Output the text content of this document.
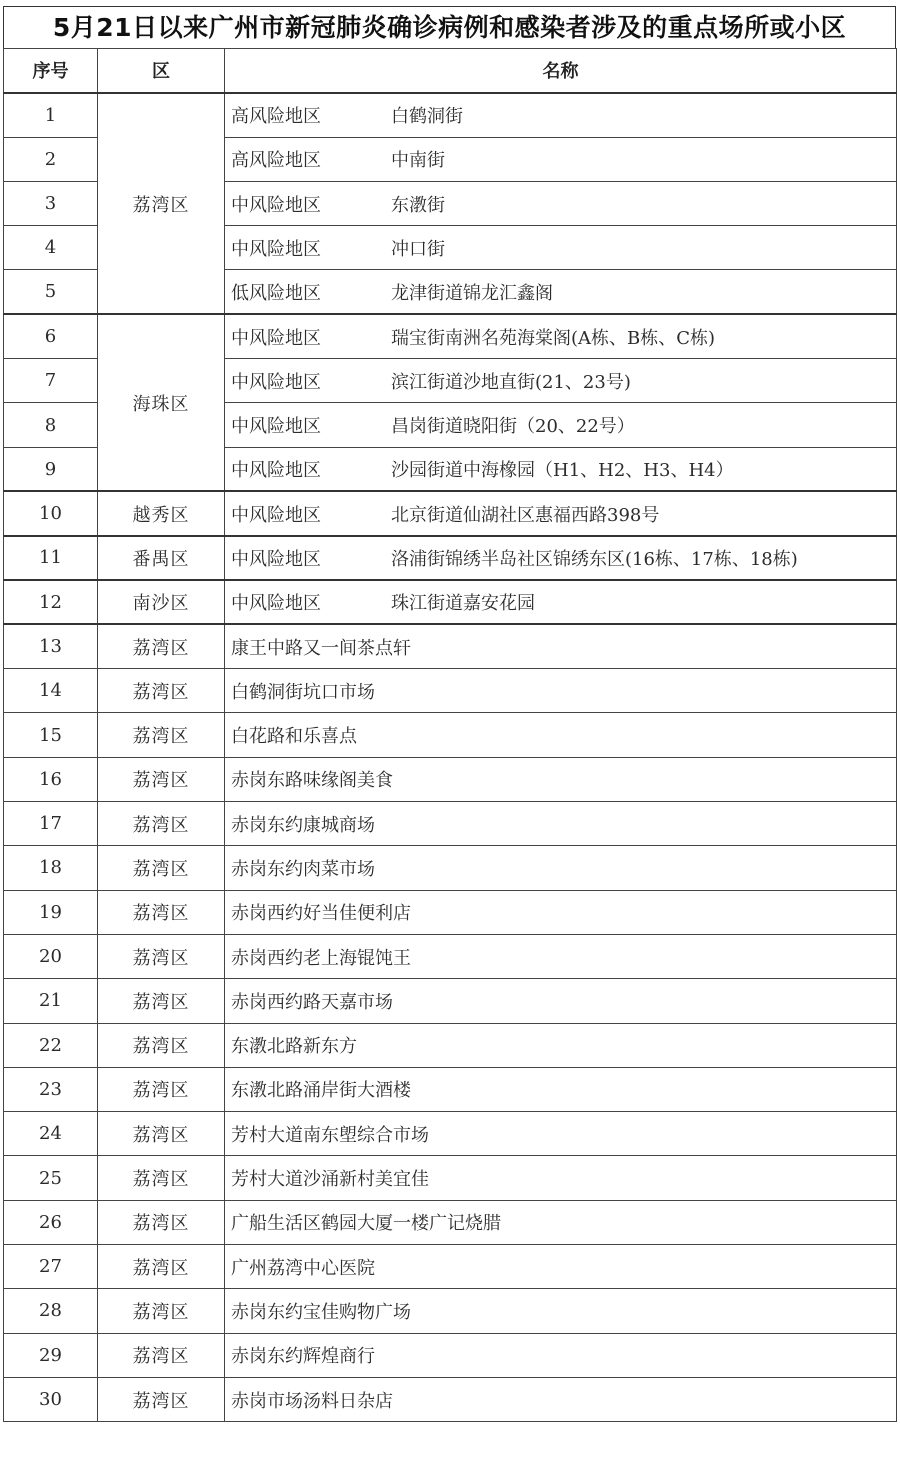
5月21日以来广州市新冠肺炎确诊病例和感染者涉及的重点场所或小区
序号	区	名称
1	荔湾区	高风险地区 白鹤洞街
2		高风险地区 中南街
3		中风险地区 东漖街
4		中风险地区 冲口街
5		低风险地区 龙津街道锦龙汇鑫阁
6	海珠区	中风险地区 瑞宝街南洲名苑海棠阁(A栋、B栋、C栋)
7		中风险地区 滨江街道沙地直街(21、23号)
8		中风险地区 昌岗街道晓阳街（20、22号）
9		中风险地区 沙园街道中海橡园（H1、H2、H3、H4）
10	越秀区	中风险地区 北京街道仙湖社区惠福西路398号
11	番禺区	中风险地区 洛浦街锦绣半岛社区锦绣东区(16栋、17栋、18栋)
12	南沙区	中风险地区 珠江街道嘉安花园
13	荔湾区	康王中路又一间茶点轩
14	荔湾区	白鹤洞街坑口市场
15	荔湾区	白花路和乐喜点
16	荔湾区	赤岗东路味缘阁美食
17	荔湾区	赤岗东约康城商场
18	荔湾区	赤岗东约肉菜市场
19	荔湾区	赤岗西约好当佳便利店
20	荔湾区	赤岗西约老上海锟饨王
21	荔湾区	赤岗西约路天嘉市场
22	荔湾区	东漖北路新东方
23	荔湾区	东漖北路涌岸街大酒楼
24	荔湾区	芳村大道南东塱综合市场
25	荔湾区	芳村大道沙涌新村美宜佳
26	荔湾区	广船生活区鹤园大厦一楼广记烧腊
27	荔湾区	广州荔湾中心医院
28	荔湾区	赤岗东约宝佳购物广场
29	荔湾区	赤岗东约辉煌商行
30	荔湾区	赤岗市场汤料日杂店
